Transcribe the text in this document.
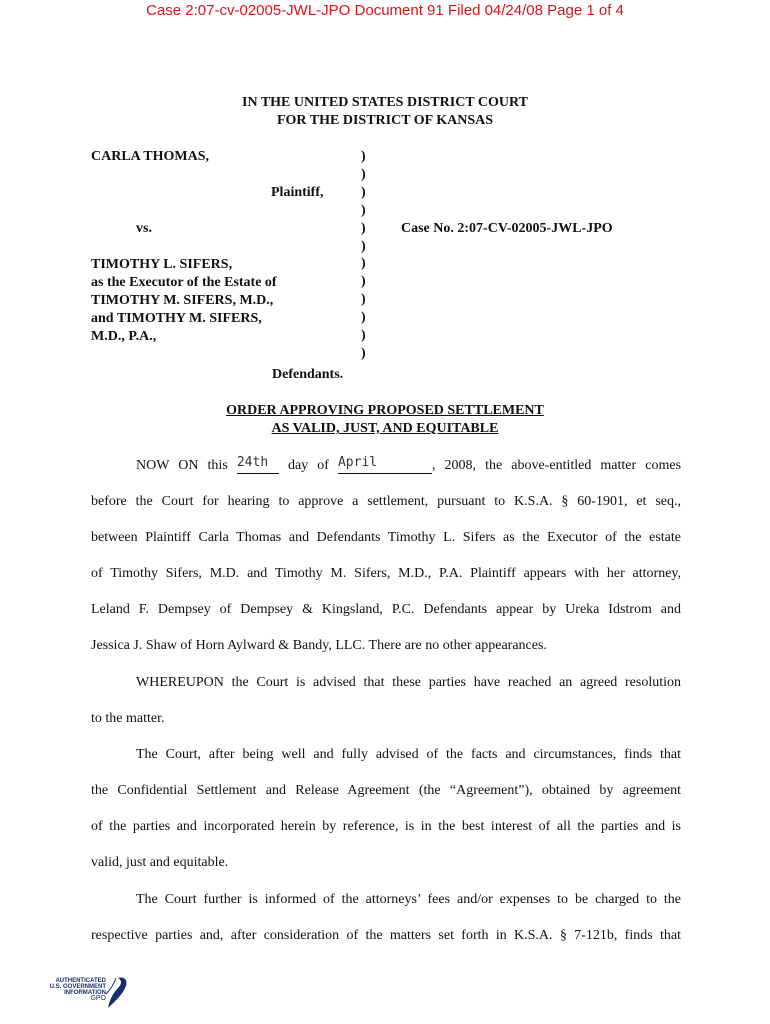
Case 2:07-cv-02005-JWL-JPO Document 91 Filed 04/24/08 Page 1 of 4
IN THE UNITED STATES DISTRICT COURT
FOR THE DISTRICT OF KANSAS
CARLA THOMAS,
Plaintiff,
vs.
TIMOTHY L. SIFERS,
as the Executor of the Estate of
TIMOTHY M. SIFERS, M.D.,
and TIMOTHY M. SIFERS,
M.D., P.A.,
Defendants.
)
)
)
)
)
)
)
)
)
)
)
)
Case No. 2:07-CV-02005-JWL-JPO
ORDER APPROVING PROPOSED SETTLEMENT
AS VALID, JUST, AND EQUITABLE
NOW ON this 24th day of April	, 2008, the above-entitled matter comes
before the Court for hearing to approve a settlement, pursuant to K.S.A. § 60-1901, et seq.,
between Plaintiff Carla Thomas and Defendants Timothy L. Sifers as the Executor of the estate
of Timothy Sifers, M.D. and Timothy M. Sifers, M.D., P.A. Plaintiff appears with her attorney,
Leland F. Dempsey of Dempsey & Kingsland, P.C. Defendants appear by Ureka Idstrom and
Jessica J. Shaw of Horn Aylward & Bandy, LLC. There are no other appearances.
WHEREUPON the Court is advised that these parties have reached an agreed resolution
to the matter.
The Court, after being well and fully advised of the facts and circumstances, finds that
the Confidential Settlement and Release Agreement (the “Agreement”), obtained by agreement
of the parties and incorporated herein by reference, is in the best interest of all the parties and is
valid, just and equitable.
The Court further is informed of the attorneys’ fees and/or expenses to be charged to the
respective parties and, after consideration of the matters set forth in K.S.A. § 7-121b, finds that
AUTHENTICATED
U.S. GOVERNMENT
INFORMATION
GPO
